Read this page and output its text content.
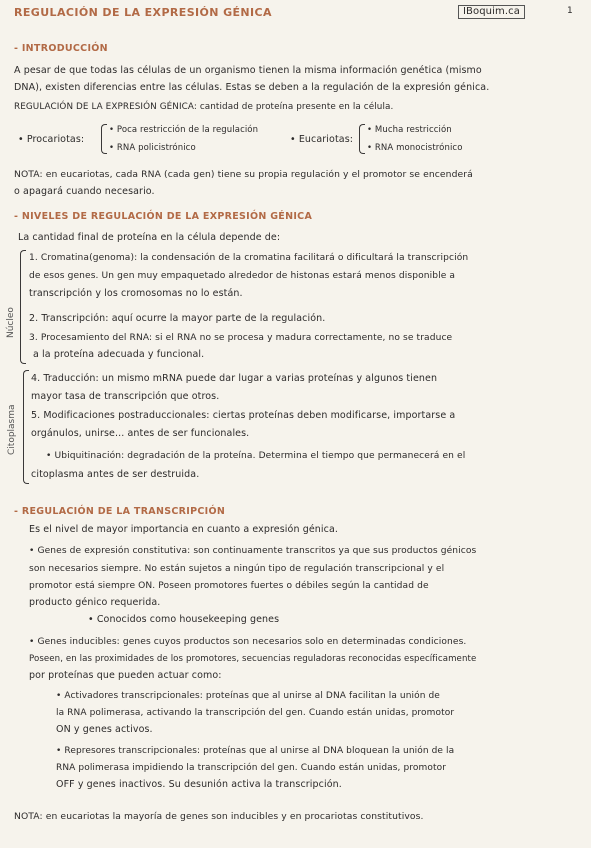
REGULACIÓN DE LA EXPRESIÓN GÉNICA	IBoquim.ca	1
- INTRODUCCIÓN
A pesar de que todas las células de un organismo tienen la misma información genética (mismo
DNA), existen diferencias entre las células. Estas se deben a la regulación de la expresión génica.
REGULACIÓN DE LA EXPRESIÓN GÉNICA: cantidad de proteína presente en la célula.
• Procariotas:
• Poca restricción de la regulación
• RNA policistrónico
• Eucariotas:
• Mucha restricción
• RNA monocistrónico
NOTA: en eucariotas, cada RNA (cada gen) tiene su propia regulación y el promotor se encenderá
o apagará cuando necesario.
- NIVELES DE REGULACIÓN DE LA EXPRESIÓN GÉNICA
La cantidad final de proteína en la célula depende de:
Núcleo
1. Cromatina(genoma): la condensación de la cromatina facilitará o dificultará la transcripción
de esos genes. Un gen muy empaquetado alrededor de histonas estará menos disponible a
transcripción y los cromosomas no lo están.
2. Transcripción: aquí ocurre la mayor parte de la regulación.
3. Procesamiento del RNA: si el RNA no se procesa y madura correctamente, no se traduce
a la proteína adecuada y funcional.
Citoplasma
4. Traducción: un mismo mRNA puede dar lugar a varias proteínas y algunos tienen
mayor tasa de transcripción que otros.
5. Modificaciones postraduccionales: ciertas proteínas deben modificarse, importarse a
orgánulos, unirse... antes de ser funcionales.
• Ubiquitinación: degradación de la proteína. Determina el tiempo que permanecerá en el
citoplasma antes de ser destruida.
- REGULACIÓN DE LA TRANSCRIPCIÓN
Es el nivel de mayor importancia en cuanto a expresión génica.
• Genes de expresión constitutiva: son continuamente transcritos ya que sus productos génicos
son necesarios siempre. No están sujetos a ningún tipo de regulación transcripcional y el
promotor está siempre ON. Poseen promotores fuertes o débiles según la cantidad de
producto génico requerida.
• Conocidos como housekeeping genes
• Genes inducibles: genes cuyos productos son necesarios solo en determinadas condiciones.
Poseen, en las proximidades de los promotores, secuencias reguladoras reconocidas específicamente
por proteínas que pueden actuar como:
• Activadores transcripcionales: proteínas que al unirse al DNA facilitan la unión de
la RNA polimerasa, activando la transcripción del gen. Cuando están unidas, promotor
ON y genes activos.
• Represores transcripcionales: proteínas que al unirse al DNA bloquean la unión de la
RNA polimerasa impidiendo la transcripción del gen. Cuando están unidas, promotor
OFF y genes inactivos. Su desunión activa la transcripción.
NOTA: en eucariotas la mayoría de genes son inducibles y en procariotas constitutivos.
